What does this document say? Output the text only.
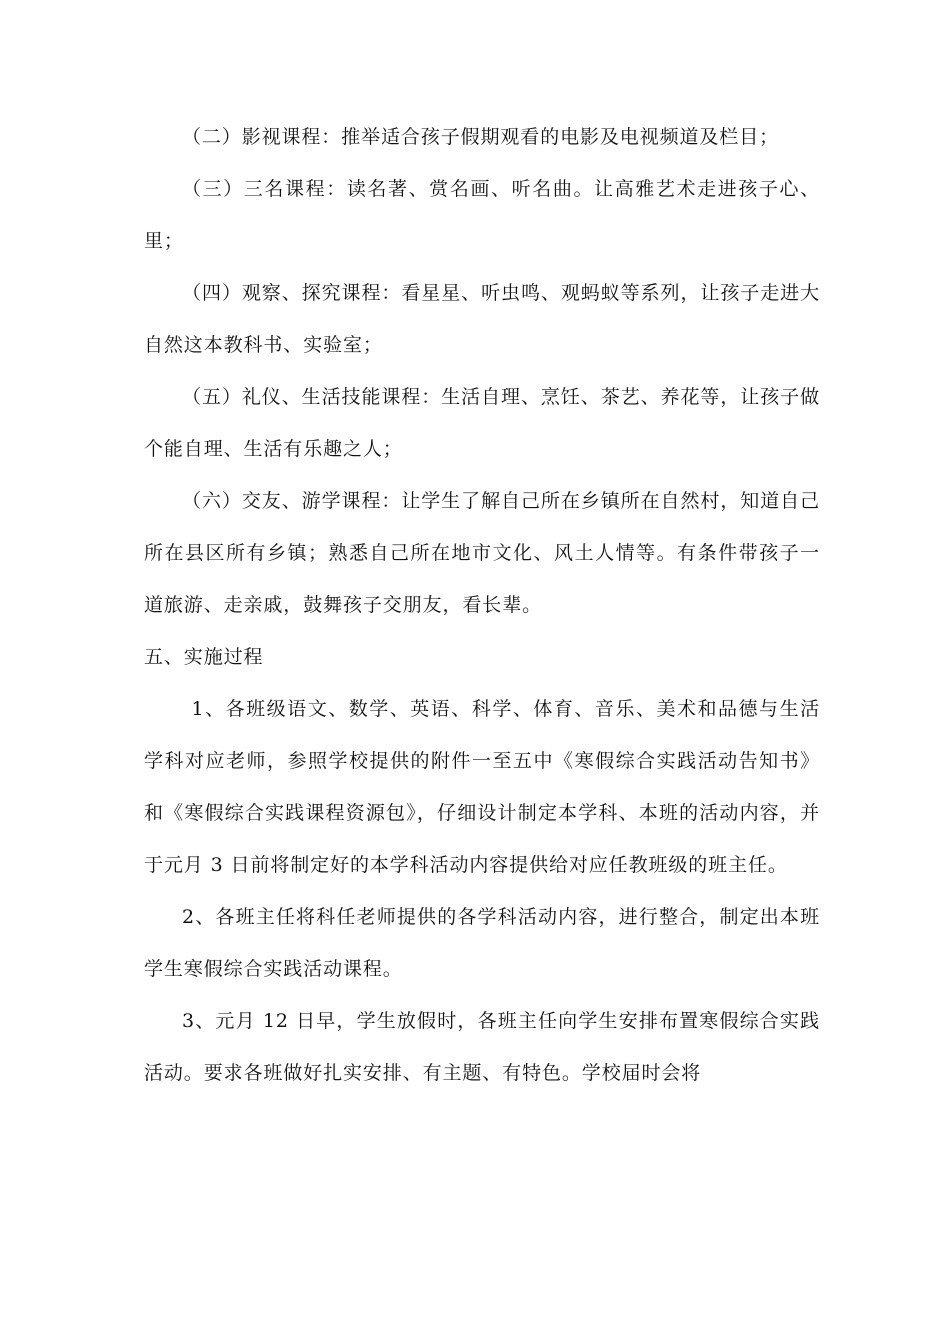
（二）影视课程：推举适合孩子假期观看的电影及电视频道及栏目；

（三）三名课程：读名著、赏名画、听名曲。让高雅艺术走进孩子心、里；

（四）观察、探究课程：看星星、听虫鸣、观蚂蚁等系列，让孩子走进大自然这本教科书、实验室；

（五）礼仪、生活技能课程：生活自理、烹饪、茶艺、养花等，让孩子做个能自理、生活有乐趣之人；

（六）交友、游学课程：让学生了解自己所在乡镇所在自然村，知道自己所在县区所有乡镇；熟悉自己所在地市文化、风土人情等。有条件带孩子一道旅游、走亲戚，鼓舞孩子交朋友，看长辈。

五、实施过程

1、各班级语文、数学、英语、科学、体育、音乐、美术和品德与生活学科对应老师，参照学校提供的附件一至五中《寒假综合实践活动告知书》和《寒假综合实践课程资源包》，仔细设计制定本学科、本班的活动内容，并于元月 3 日前将制定好的本学科活动内容提供给对应任教班级的班主任。

2、各班主任将科任老师提供的各学科活动内容，进行整合，制定出本班学生寒假综合实践活动课程。

3、元月 12 日早，学生放假时，各班主任向学生安排布置寒假综合实践活动。要求各班做好扎实安排、有主题、有特色。学校届时会将
